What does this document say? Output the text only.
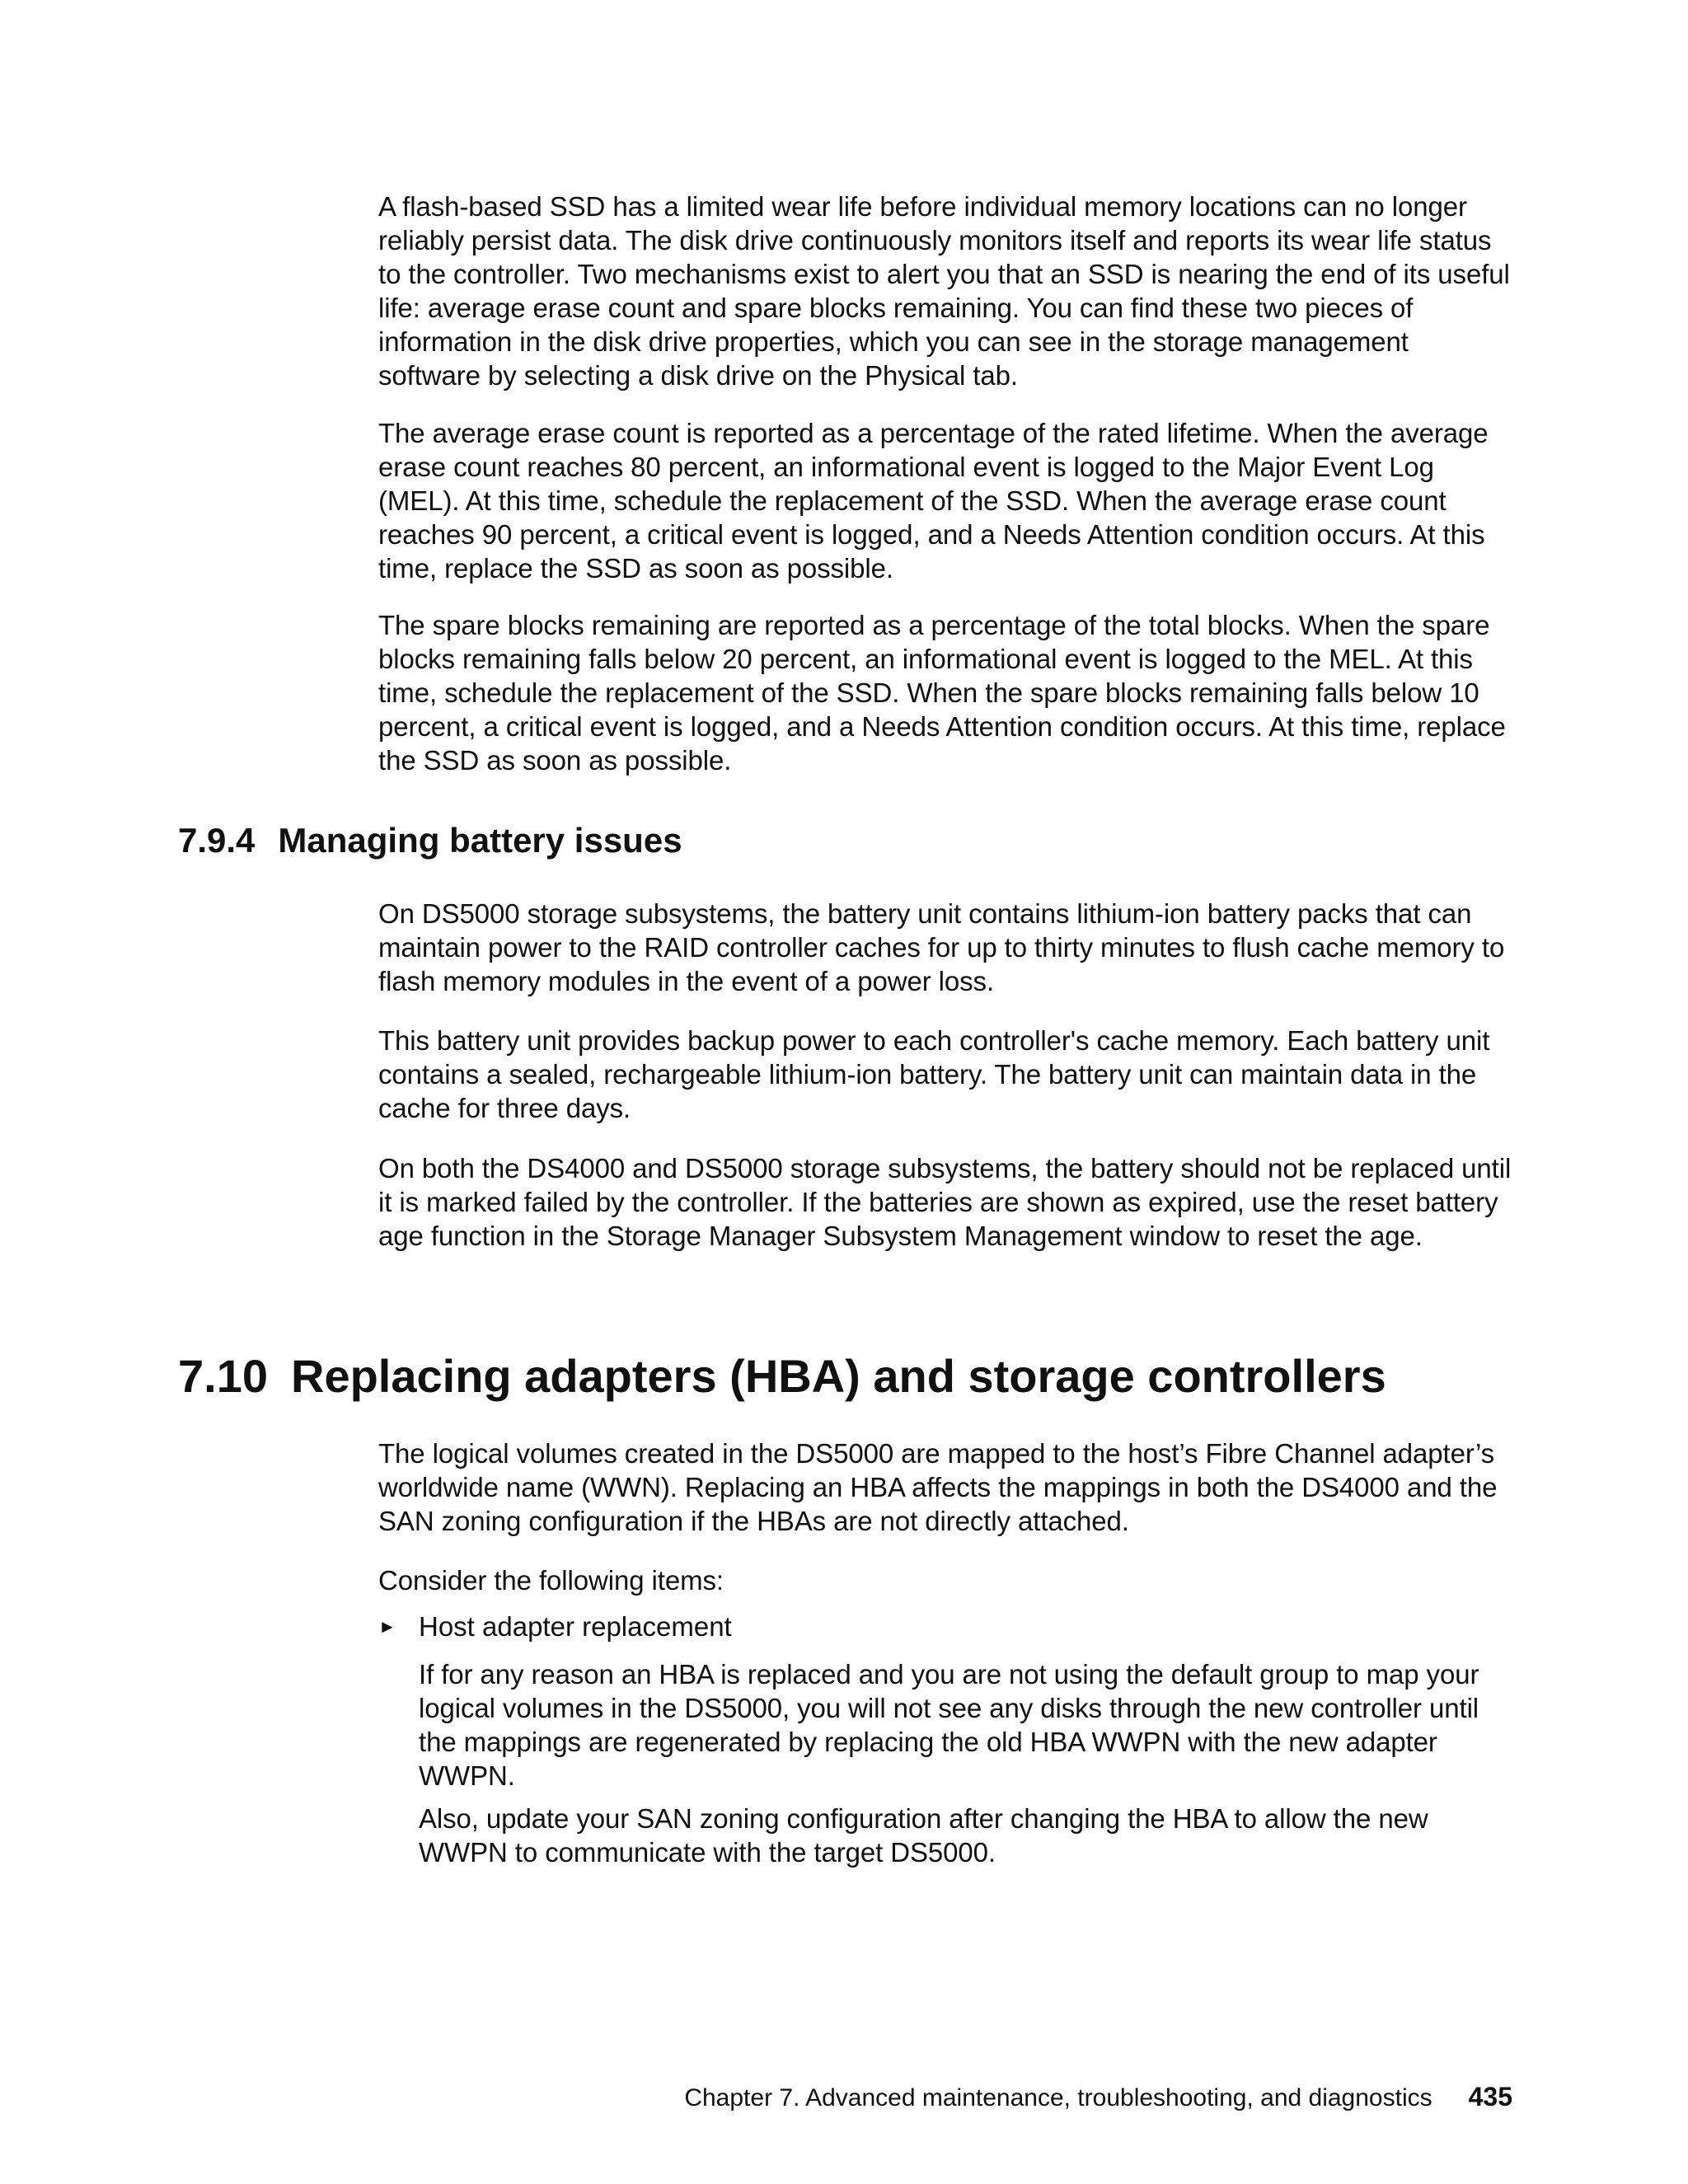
A flash-based SSD has a limited wear life before individual memory locations can no longer reliably persist data. The disk drive continuously monitors itself and reports its wear life status to the controller. Two mechanisms exist to alert you that an SSD is nearing the end of its useful life: average erase count and spare blocks remaining. You can find these two pieces of information in the disk drive properties, which you can see in the storage management software by selecting a disk drive on the Physical tab.

The average erase count is reported as a percentage of the rated lifetime. When the average erase count reaches 80 percent, an informational event is logged to the Major Event Log (MEL). At this time, schedule the replacement of the SSD. When the average erase count reaches 90 percent, a critical event is logged, and a Needs Attention condition occurs. At this time, replace the SSD as soon as possible.

The spare blocks remaining are reported as a percentage of the total blocks. When the spare blocks remaining falls below 20 percent, an informational event is logged to the MEL. At this time, schedule the replacement of the SSD. When the spare blocks remaining falls below 10 percent, a critical event is logged, and a Needs Attention condition occurs. At this time, replace the SSD as soon as possible.

7.9.4 Managing battery issues

On DS5000 storage subsystems, the battery unit contains lithium-ion battery packs that can maintain power to the RAID controller caches for up to thirty minutes to flush cache memory to flash memory modules in the event of a power loss.

This battery unit provides backup power to each controller's cache memory. Each battery unit contains a sealed, rechargeable lithium-ion battery. The battery unit can maintain data in the cache for three days.

On both the DS4000 and DS5000 storage subsystems, the battery should not be replaced until it is marked failed by the controller. If the batteries are shown as expired, use the reset battery age function in the Storage Manager Subsystem Management window to reset the age.

7.10 Replacing adapters (HBA) and storage controllers

The logical volumes created in the DS5000 are mapped to the host’s Fibre Channel adapter’s worldwide name (WWN). Replacing an HBA affects the mappings in both the DS4000 and the SAN zoning configuration if the HBAs are not directly attached.

Consider the following items:

► Host adapter replacement

If for any reason an HBA is replaced and you are not using the default group to map your logical volumes in the DS5000, you will not see any disks through the new controller until the mappings are regenerated by replacing the old HBA WWPN with the new adapter WWPN.

Also, update your SAN zoning configuration after changing the HBA to allow the new WWPN to communicate with the target DS5000.

Chapter 7. Advanced maintenance, troubleshooting, and diagnostics 435
